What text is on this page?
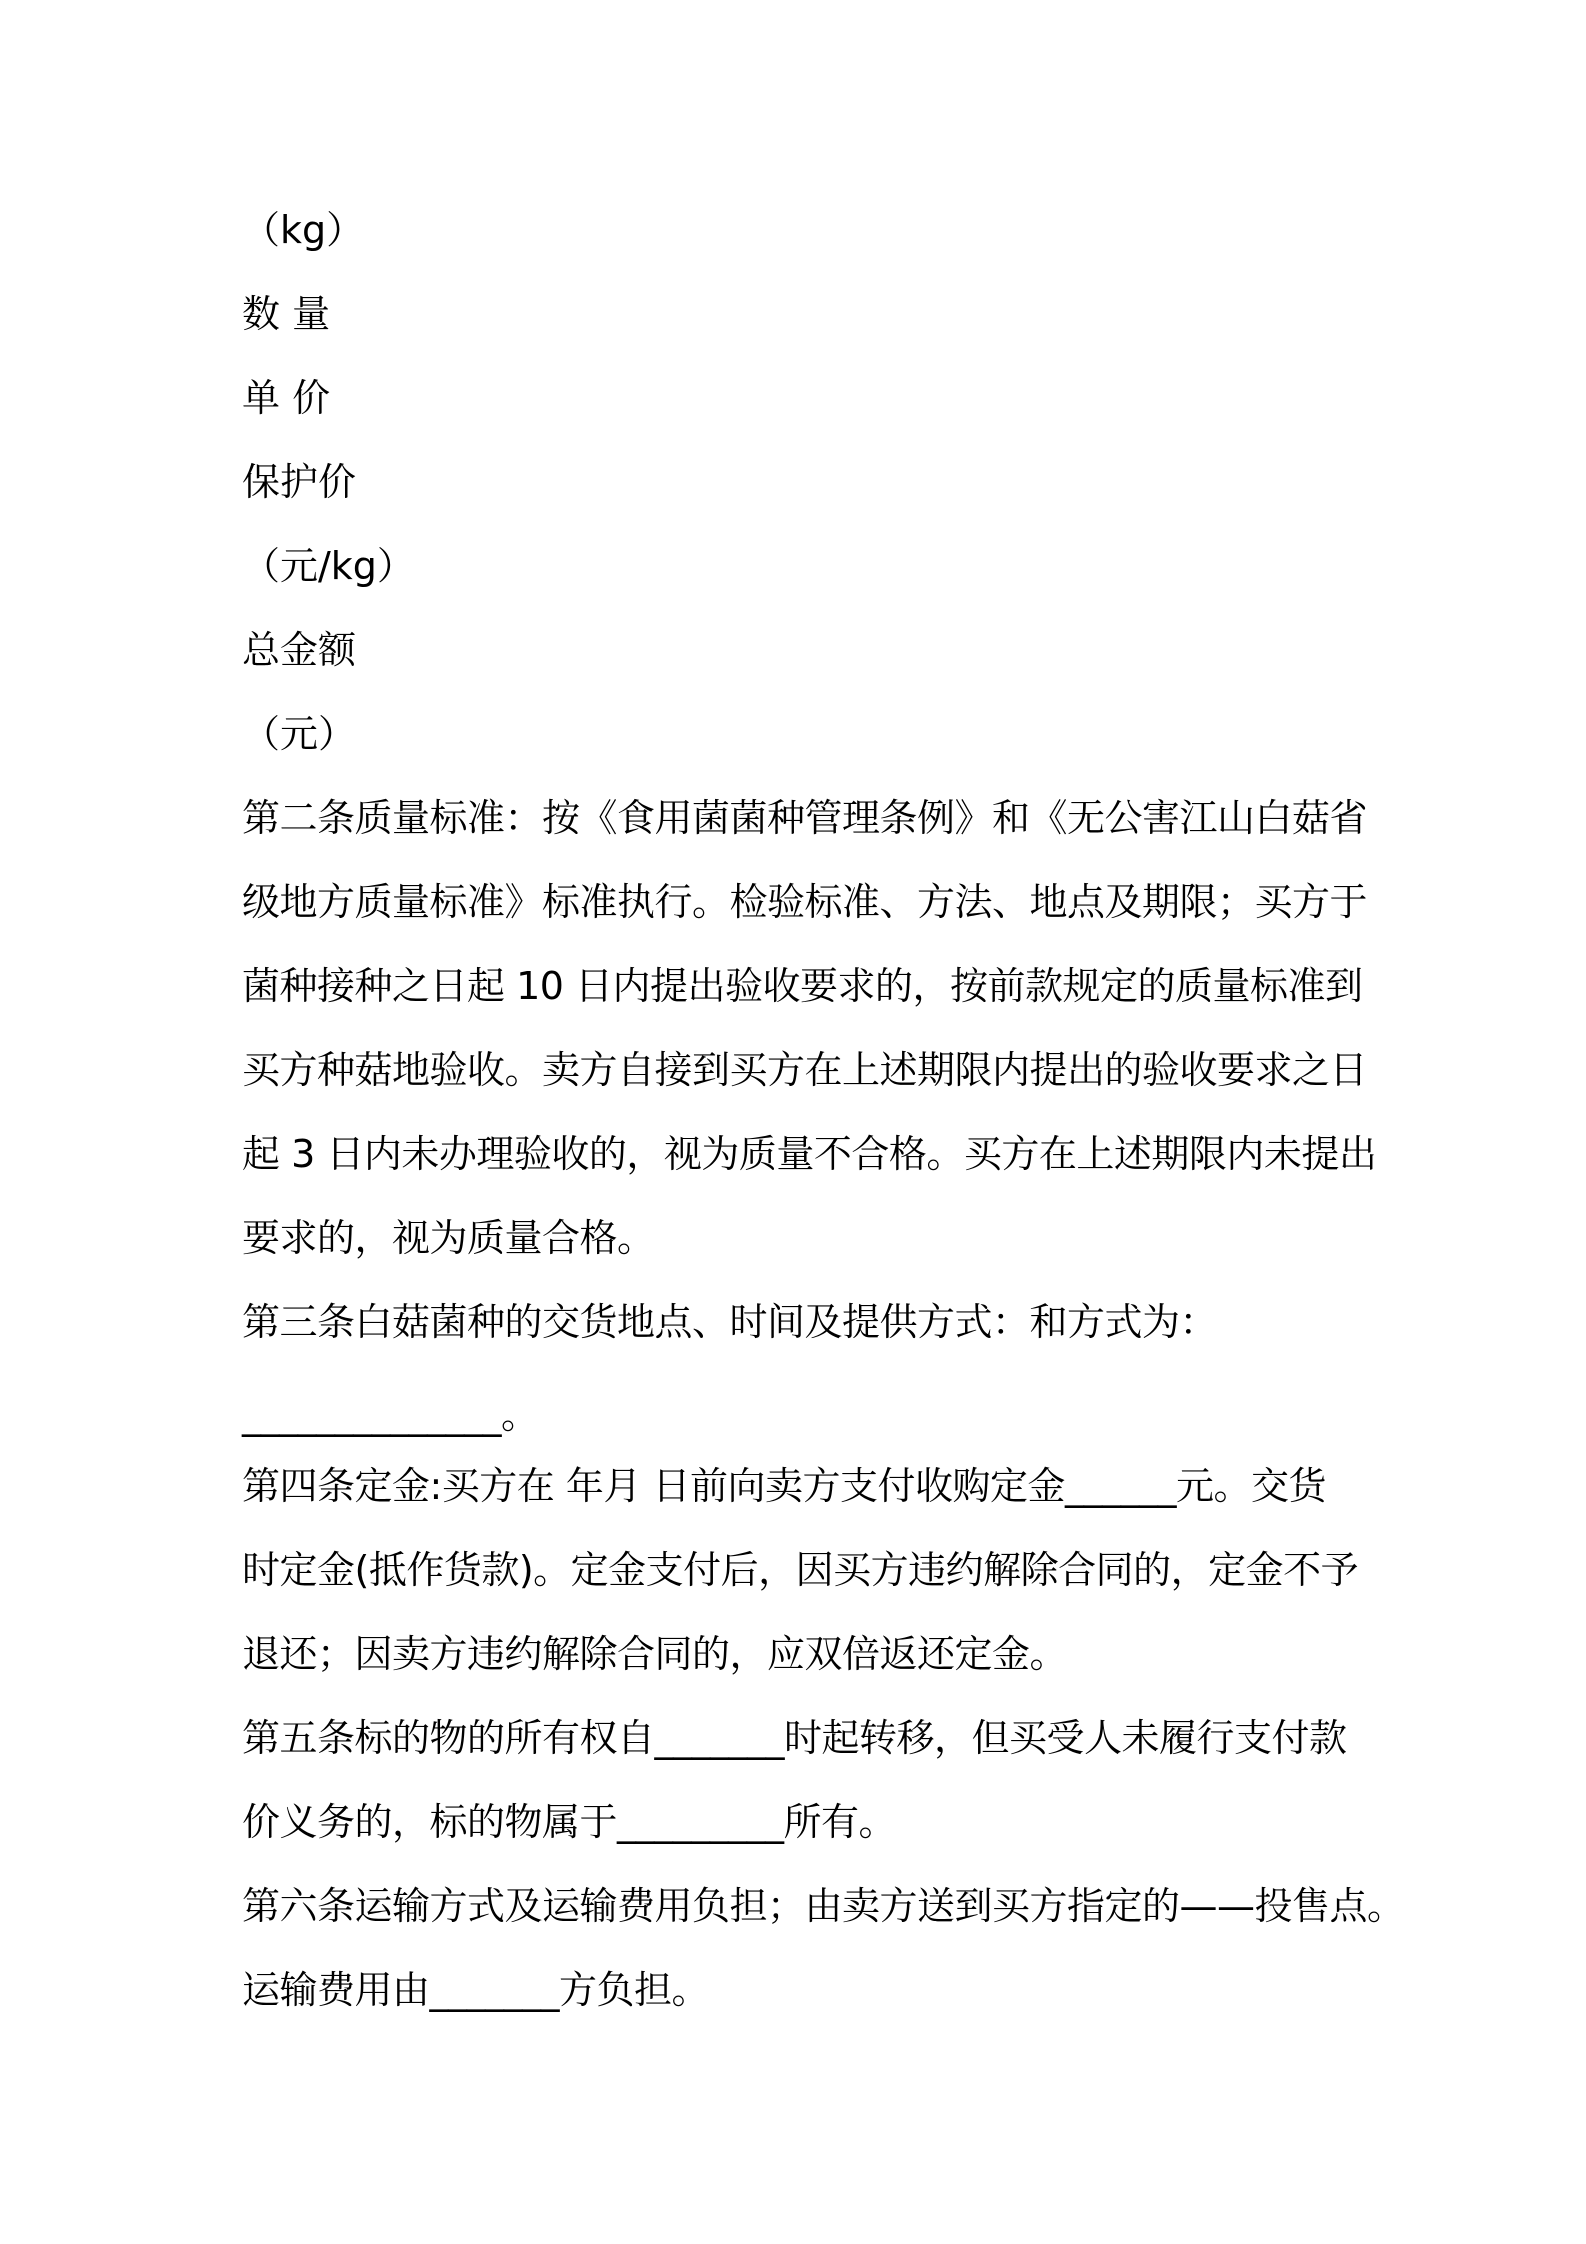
（kg）
数 量
单 价
保护价
（元/kg）
总金额
（元）
第二条质量标准：按《食用菌菌种管理条例》和《无公害江山白菇省
级地方质量标准》标准执行。检验标准、方法、地点及期限；买方于
菌种接种之日起 10 日内提出验收要求的，按前款规定的质量标准到
买方种菇地验收。卖方自接到买方在上述期限内提出的验收要求之日
起 3 日内未办理验收的，视为质量不合格。买方在上述期限内未提出
要求的，视为质量合格。
第三条白菇菌种的交货地点、时间及提供方式：和方式为：
______________。
第四条定金:买方在 年月 日前向卖方支付收购定金______元。交货
时定金(抵作货款)。定金支付后，因买方违约解除合同的，定金不予
退还；因卖方违约解除合同的，应双倍返还定金。
第五条标的物的所有权自_______时起转移，但买受人未履行支付款
价义务的，标的物属于_________所有。
第六条运输方式及运输费用负担；由卖方送到买方指定的——投售点。
运输费用由_______方负担。
